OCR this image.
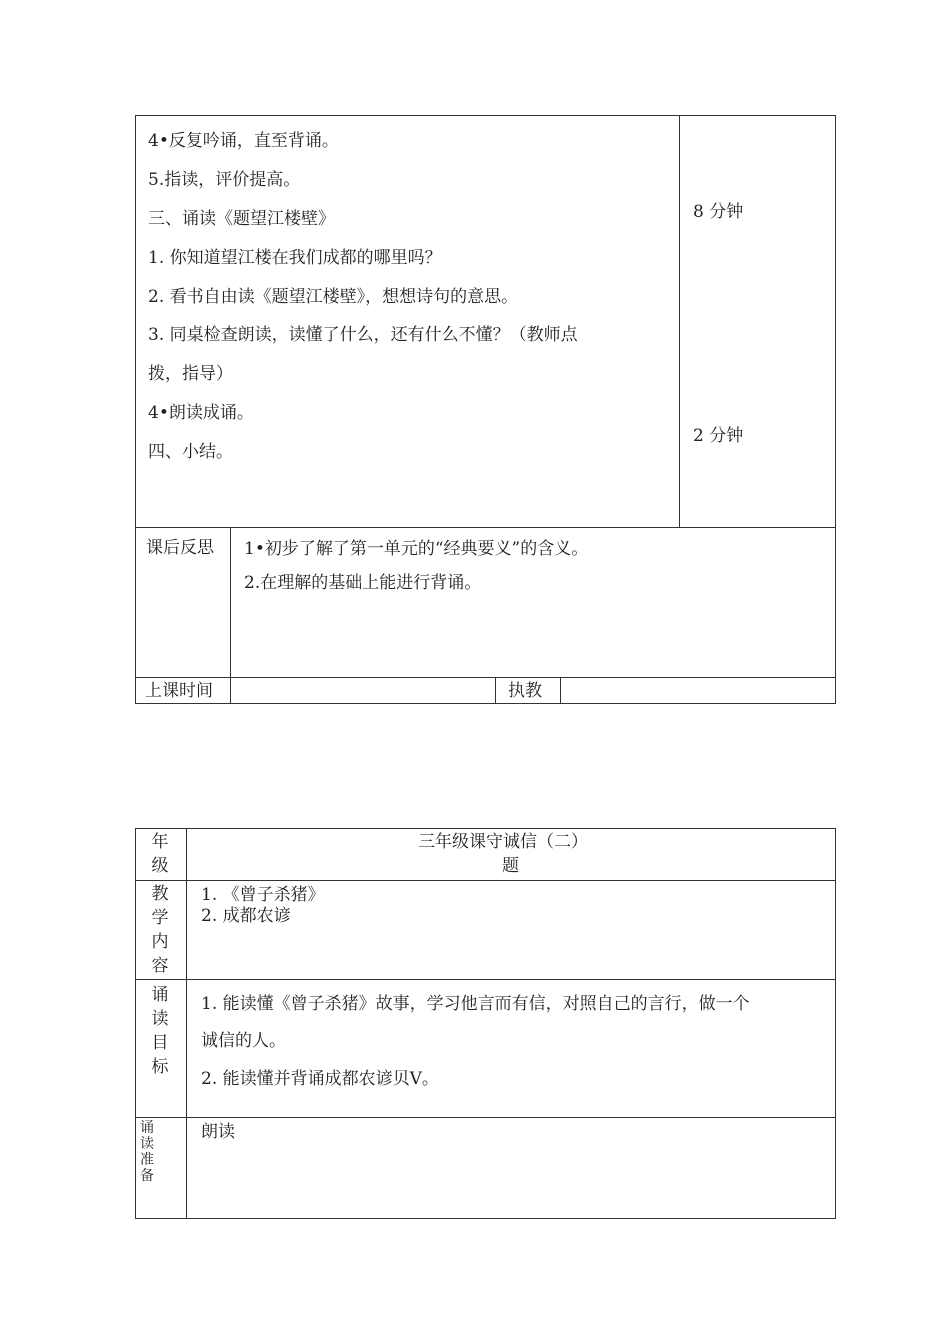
4•反复吟诵，直至背诵。
5.指读，评价提高。
三、诵读《题望江楼壁》
1. 你知道望江楼在我们成都的哪里吗？
2. 看书自由读《题望江楼壁》，想想诗句的意思。
3. 同桌检查朗读，读懂了什么，还有什么不懂？（教师点
拨，指导）
4•朗读成诵。
四、小结。
8 分钟
2 分钟
课后反思 1•初步了解了第一单元的“经典要义”的含义。
2.在理解的基础上能进行背诵。
上课时间	执教
年级
三年级课守诚信（二）
题
教学内容
1. 《曾子杀猪》
2. 成都农谚
诵读目标
1. 能读懂《曾子杀猪》故事，学习他言而有信，对照自己的言行，做一个
诚信的人。
2. 能读懂并背诵成都农谚贝V。
诵读准备
朗读
